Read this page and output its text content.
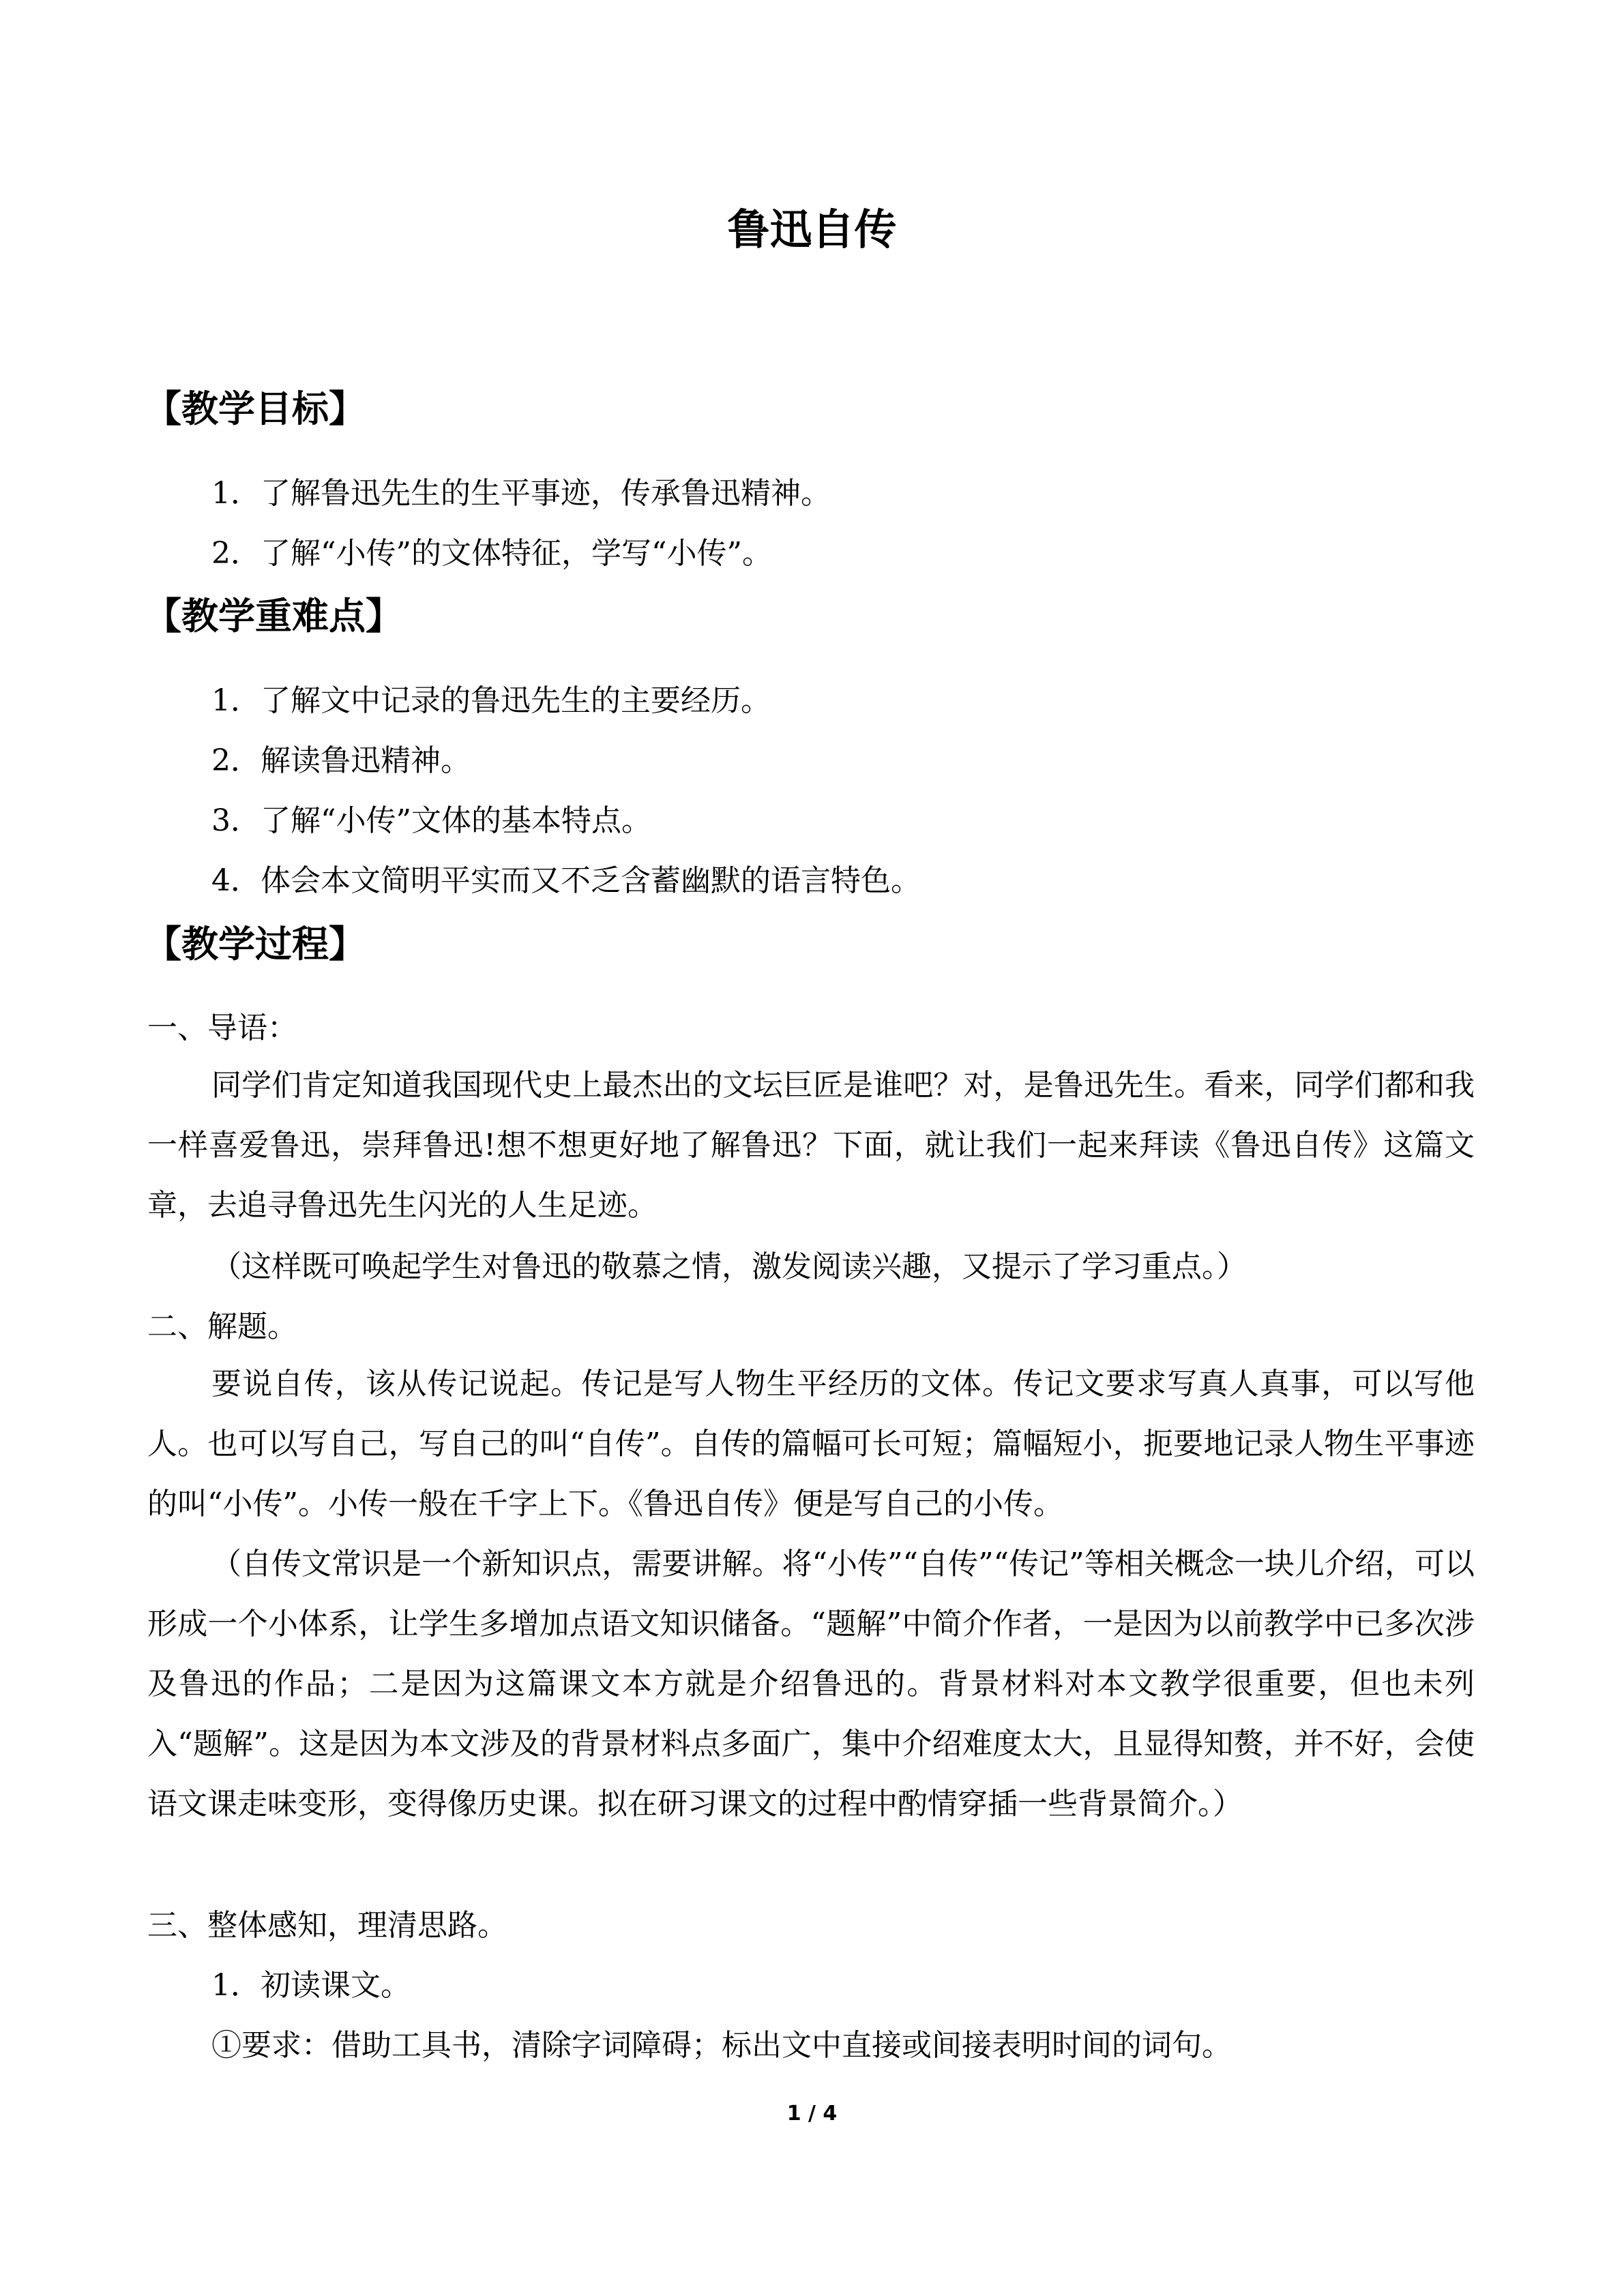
鲁迅自传
【教学目标】

1．了解鲁迅先生的生平事迹，传承鲁迅精神。

2．了解“小传”的文体特征，学写“小传”。

【教学重难点】

1．了解文中记录的鲁迅先生的主要经历。

2．解读鲁迅精神。

3．了解“小传”文体的基本特点。

4．体会本文简明平实而又不乏含蓄幽默的语言特色。

【教学过程】

一、导语：

同学们肯定知道我国现代史上最杰出的文坛巨匠是谁吧？对，是鲁迅先生。看来，同学们都和我一样喜爱鲁迅，崇拜鲁迅!想不想更好地了解鲁迅？下面，就让我们一起来拜读《鲁迅自传》这篇文章，去追寻鲁迅先生闪光的人生足迹。

（这样既可唤起学生对鲁迅的敬慕之情，激发阅读兴趣，又提示了学习重点。）

二、解题。

要说自传，该从传记说起。传记是写人物生平经历的文体。传记文要求写真人真事，可以写他人。也可以写自己，写自己的叫“自传”。自传的篇幅可长可短；篇幅短小，扼要地记录人物生平事迹的叫“小传”。小传一般在千字上下。《鲁迅自传》便是写自己的小传。

（自传文常识是一个新知识点，需要讲解。将“小传”“自传”“传记”等相关概念一块儿介绍，可以形成一个小体系，让学生多增加点语文知识储备。“题解”中简介作者，一是因为以前教学中已多次涉及鲁迅的作品；二是因为这篇课文本方就是介绍鲁迅的。背景材料对本文教学很重要，但也未列入“题解”。这是因为本文涉及的背景材料点多面广，集中介绍难度太大，且显得知赘，并不好，会使语文课走味变形，变得像历史课。拟在研习课文的过程中酌情穿插一些背景简介。）

三、整体感知，理清思路。

1．初读课文。

①要求：借助工具书，清除字词障碍；标出文中直接或间接表明时间的词句。

1 / 4
